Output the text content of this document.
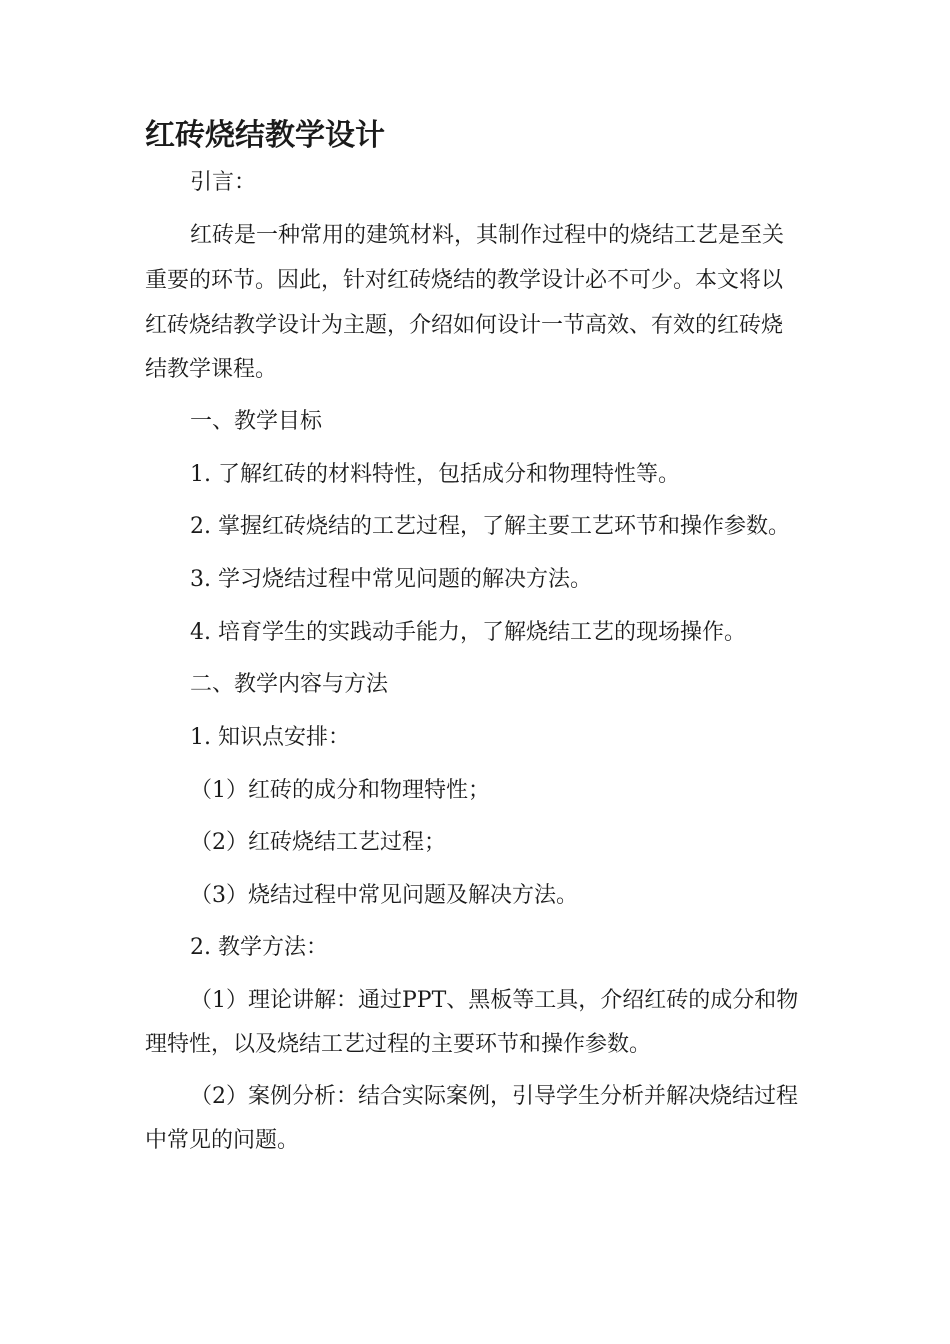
红砖烧结教学设计

引言：

红砖是一种常用的建筑材料，其制作过程中的烧结工艺是至关

重要的环节。因此，针对红砖烧结的教学设计必不可少。本文将以

红砖烧结教学设计为主题，介绍如何设计一节高效、有效的红砖烧

结教学课程。

一、教学目标

1. 了解红砖的材料特性，包括成分和物理特性等。

2. 掌握红砖烧结的工艺过程，了解主要工艺环节和操作参数。

3. 学习烧结过程中常见问题的解决方法。

4. 培育学生的实践动手能力，了解烧结工艺的现场操作。

二、教学内容与方法

1. 知识点安排：

（1）红砖的成分和物理特性；

（2）红砖烧结工艺过程；

（3）烧结过程中常见问题及解决方法。

2. 教学方法：

（1）理论讲解：通过PPT、黑板等工具，介绍红砖的成分和物

理特性，以及烧结工艺过程的主要环节和操作参数。

（2）案例分析：结合实际案例，引导学生分析并解决烧结过程

中常见的问题。
